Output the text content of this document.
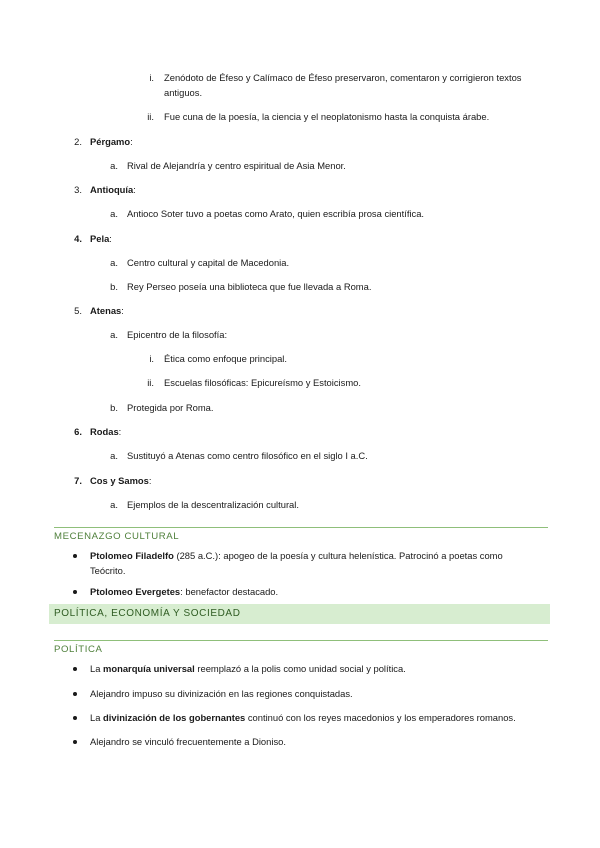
i. Zenódoto de Éfeso y Calímaco de Éfeso preservaron, comentaron y corrigieron textos
antiguos.
ii. Fue cuna de la poesía, la ciencia y el neoplatonismo hasta la conquista árabe.
2. Pérgamo:
a. Rival de Alejandría y centro espiritual de Asia Menor.
3. Antioquía:
a. Antioco Soter tuvo a poetas como Arato, quien escribía prosa científica.
4. Pela:
a. Centro cultural y capital de Macedonia.
b. Rey Perseo poseía una biblioteca que fue llevada a Roma.
5. Atenas:
a. Epicentro de la filosofía:
i. Ética como enfoque principal.
ii. Escuelas filosóficas: Epicureísmo y Estoicismo.
b. Protegida por Roma.
6. Rodas:
a. Sustituyó a Atenas como centro filosófico en el siglo I a.C.
7. Cos y Samos:
a. Ejemplos de la descentralización cultural.
MECENAZGO CULTURAL
Ptolomeo Filadelfo (285 a.C.): apogeo de la poesía y cultura helenística. Patrocinó a poetas como
Teócrito.
Ptolomeo Evergetes: benefactor destacado.
POLÍTICA, ECONOMÍA Y SOCIEDAD
POLÍTICA
La monarquía universal reemplazó a la polis como unidad social y política.
Alejandro impuso su divinización en las regiones conquistadas.
La divinización de los gobernantes continuó con los reyes macedonios y los emperadores romanos.
Alejandro se vinculó frecuentemente a Dioniso.
